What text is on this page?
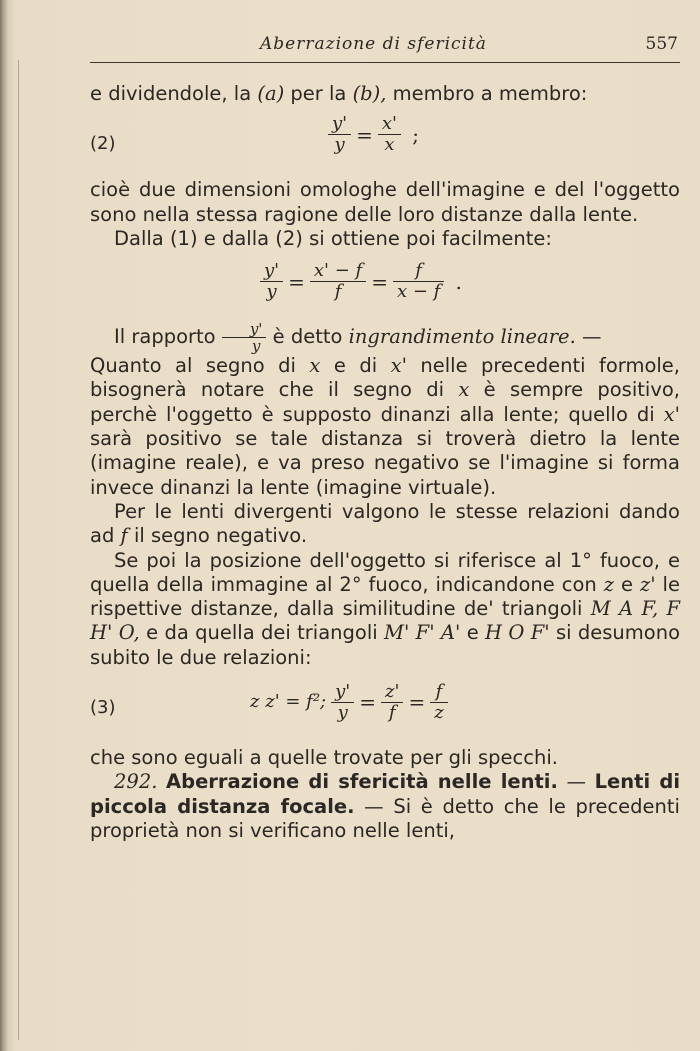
Aberrazione di sfericità	557

e dividendole, la (a) per la (b), membro a membro:

(2)	$\frac{y'}{y} = \frac{x'}{x}$ ;

cioè due dimensioni omologhe dell'imagine e del l'oggetto sono nella stessa ragione delle loro distanze dalla lente.

Dalla (1) e dalla (2) si ottiene poi facilmente:

$\frac{y'}{y} = \frac{x' - f}{f} = \frac{f}{x - f}$ .

Il rapporto $\frac{y'}{y}$ è detto ingrandimento lineare. —

Quanto al segno di x e di x' nelle precedenti formole, bisognerà notare che il segno di x è sempre positivo, perchè l'oggetto è supposto dinanzi alla lente; quello di x' sarà positivo se tale distanza si troverà dietro la lente (imagine reale), e va preso negativo se l'imagine si forma invece dinanzi la lente (imagine virtuale).

Per le lenti divergenti valgono le stesse relazioni dando ad f il segno negativo.

Se poi la posizione dell'oggetto si riferisce al 1° fuoco, e quella della immagine al 2° fuoco, indicandone con z e z' le rispettive distanze, dalla similitudine de' triangoli M A F, F H' O, e da quella dei triangoli M' F' A' e H O F' si desumono subito le due relazioni:

(3)	z z' = f²; $\frac{y'}{y} = \frac{z'}{f} = \frac{f}{z}$

che sono eguali a quelle trovate per gli specchi.

292. Aberrazione di sfericità nelle lenti. — Lenti di piccola distanza focale. — Si è detto che le precedenti proprietà non si verificano nelle lenti,
